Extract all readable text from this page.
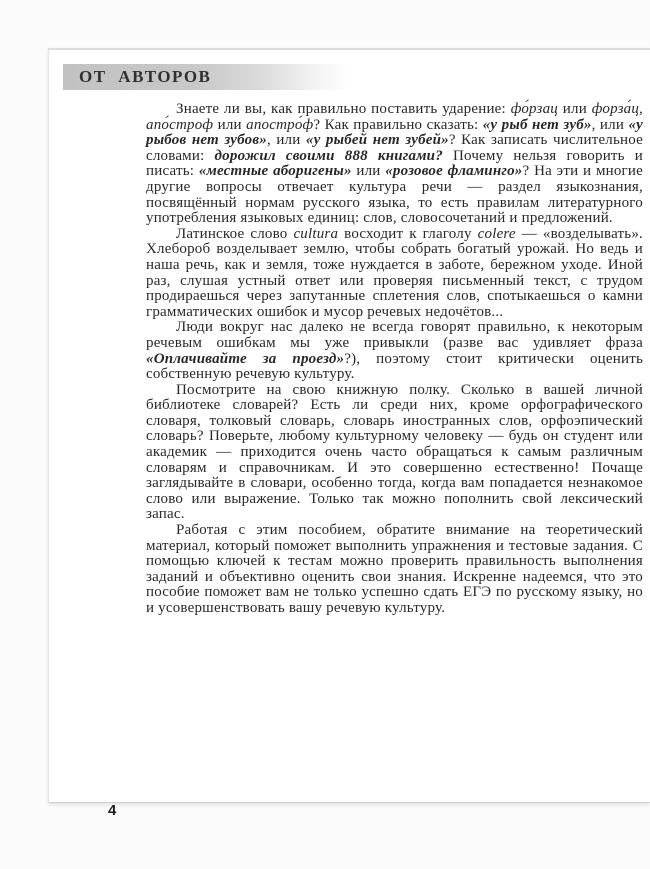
ОТ АВТОРОВ

Знаете ли вы, как правильно поставить ударение: фо́рзац или форза́ц, апо́строф или апостро́ф? Как правильно сказать: «у рыб нет зуб», или «у рыбов нет зубов», или «у рыбей нет зубей»? Как записать числительное словами: дорожил своими 888 книгами? Почему нельзя говорить и писать: «местные аборигены» или «розовое фламинго»? На эти и многие другие вопросы отвечает культура речи — раздел языкознания, посвящённый нормам русского языка, то есть правилам литературного употребления языковых единиц: слов, словосочетаний и предложений.

Латинское слово cultura восходит к глаголу colere — «возделывать». Хлебороб возделывает землю, чтобы собрать богатый урожай. Но ведь и наша речь, как и земля, тоже нуждается в заботе, бережном уходе. Иной раз, слушая устный ответ или проверяя письменный текст, с трудом продираешься через запутанные сплетения слов, спотыкаешься о камни грамматических ошибок и мусор речевых недочётов...

Люди вокруг нас далеко не всегда говорят правильно, к некоторым речевым ошибкам мы уже привыкли (разве вас удивляет фраза «Оплачивайте за проезд»?), поэтому стоит критически оценить собственную речевую культуру.

Посмотрите на свою книжную полку. Сколько в вашей личной библиотеке словарей? Есть ли среди них, кроме орфографического словаря, толковый словарь, словарь иностранных слов, орфоэпический словарь? Поверьте, любому культурному человеку — будь он студент или академик — приходится очень часто обращаться к самым различным словарям и справочникам. И это совершенно естественно! Почаще заглядывайте в словари, особенно тогда, когда вам попадается незнакомое слово или выражение. Только так можно пополнить свой лексический запас.

Работая с этим пособием, обратите внимание на теоретический материал, который поможет выполнить упражнения и тестовые задания. С помощью ключей к тестам можно проверить правильность выполнения заданий и объективно оценить свои знания. Искренне надеемся, что это пособие поможет вам не только успешно сдать ЕГЭ по русскому языку, но и усовершенствовать вашу речевую культуру.

4
